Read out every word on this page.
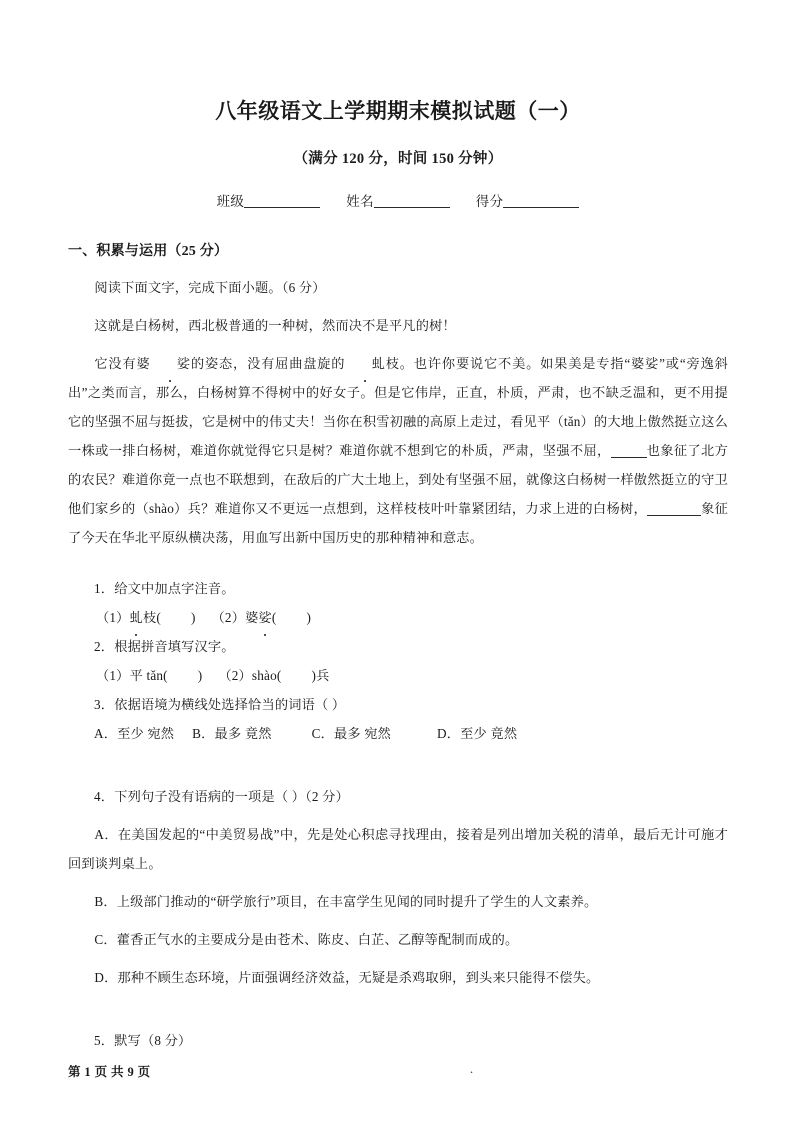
八年级语文上学期期末模拟试题（一）

（满分 120 分，时间 150 分钟）

班级	姓名	得分

一、积累与运用（25 分）

阅读下面文字，完成下面小题。（6 分）

这就是白杨树，西北极普通的一种树，然而决不是平凡的树！

它没有婆 娑的姿态，没有屈曲盘旋的 虬枝。也许你要说它不美。如果美是专指“婆娑”或“旁逸斜出”之类而言，那么，白杨树算不得树中的好女子。但是它伟岸，正直，朴质，严肃，也不缺乏温和，更不用提它的坚强不屈与挺拔，它是树中的伟丈夫！当你在积雪初融的高原上走过，看见平（tǎn）的大地上傲然挺立这么一株或一排白杨树，难道你就觉得它只是树？难道你就不想到它的朴质，严肃，坚强不屈，	也象征了北方的农民？难道你竟一点也不联想到，在敌后的广大土地上，到处有坚强不屈，就像这白杨树一样傲然挺立的守卫他们家乡的（shào）兵？难道你又不更远一点想到，这样枝枝叶叶靠紧团结，力求上进的白杨树，	象征了今天在华北平原纵横决荡，用血写出新中国历史的那种精神和意志。

1．给文中加点字注音。

（1）虬枝( ) （2）婆娑( )

2．根据拼音填写汉字。

（1）平 tǎn( ) （2）shào( )兵

3．依据语境为横线处选择恰当的词语（ ）

A．至少 宛然 B．最多 竟然	C．最多 宛然	D．至少 竟然

4．下列句子没有语病的一项是（ ）（2 分）

A．在美国发起的“中美贸易战”中，先是处心积虑寻找理由，接着是列出增加关税的清单，最后无计可施才回到谈判桌上。

B．上级部门推动的“研学旅行”项目，在丰富学生见闻的同时提升了学生的人文素养。

C．藿香正气水的主要成分是由苍术、陈皮、白芷、乙醇等配制而成的。

D．那种不顾生态环境，片面强调经济效益，无疑是杀鸡取卵，到头来只能得不偿失。

5．默写（8 分）

第 1 页 共 9 页	.
